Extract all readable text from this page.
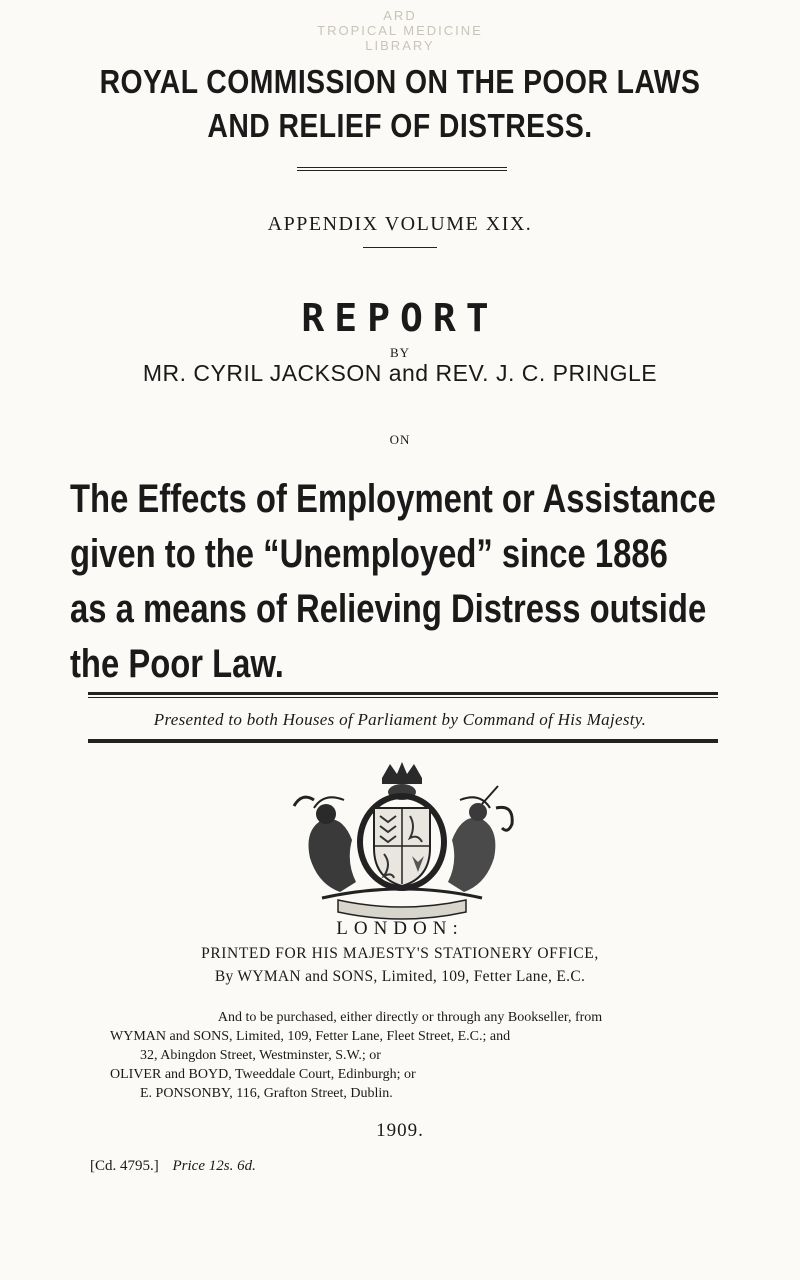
ARD
TROPICAL MEDICINE
LIBRARY
ROYAL COMMISSION ON THE POOR LAWS
AND RELIEF OF DISTRESS.
APPENDIX VOLUME XIX.
REPORT
BY
MR. CYRIL JACKSON and REV. J. C. PRINGLE
ON
The Effects of Employment or Assistance
given to the “Unemployed” since 1886
as a means of Relieving Distress outside
the Poor Law.
Presented to both Houses of Parliament by Command of His Majesty.
LONDON:
PRINTED FOR HIS MAJESTY'S STATIONERY OFFICE,
By WYMAN and SONS, Limited, 109, Fetter Lane, E.C.

And to be purchased, either directly or through any Bookseller, from

WYMAN and SONS, Limited, 109, Fetter Lane, Fleet Street, E.C.; and

32, Abingdon Street, Westminster, S.W.; or

OLIVER and BOYD, Tweeddale Court, Edinburgh; or

E. PONSONBY, 116, Grafton Street, Dublin.

1909.
[Cd. 4795.] Price 12s. 6d.
